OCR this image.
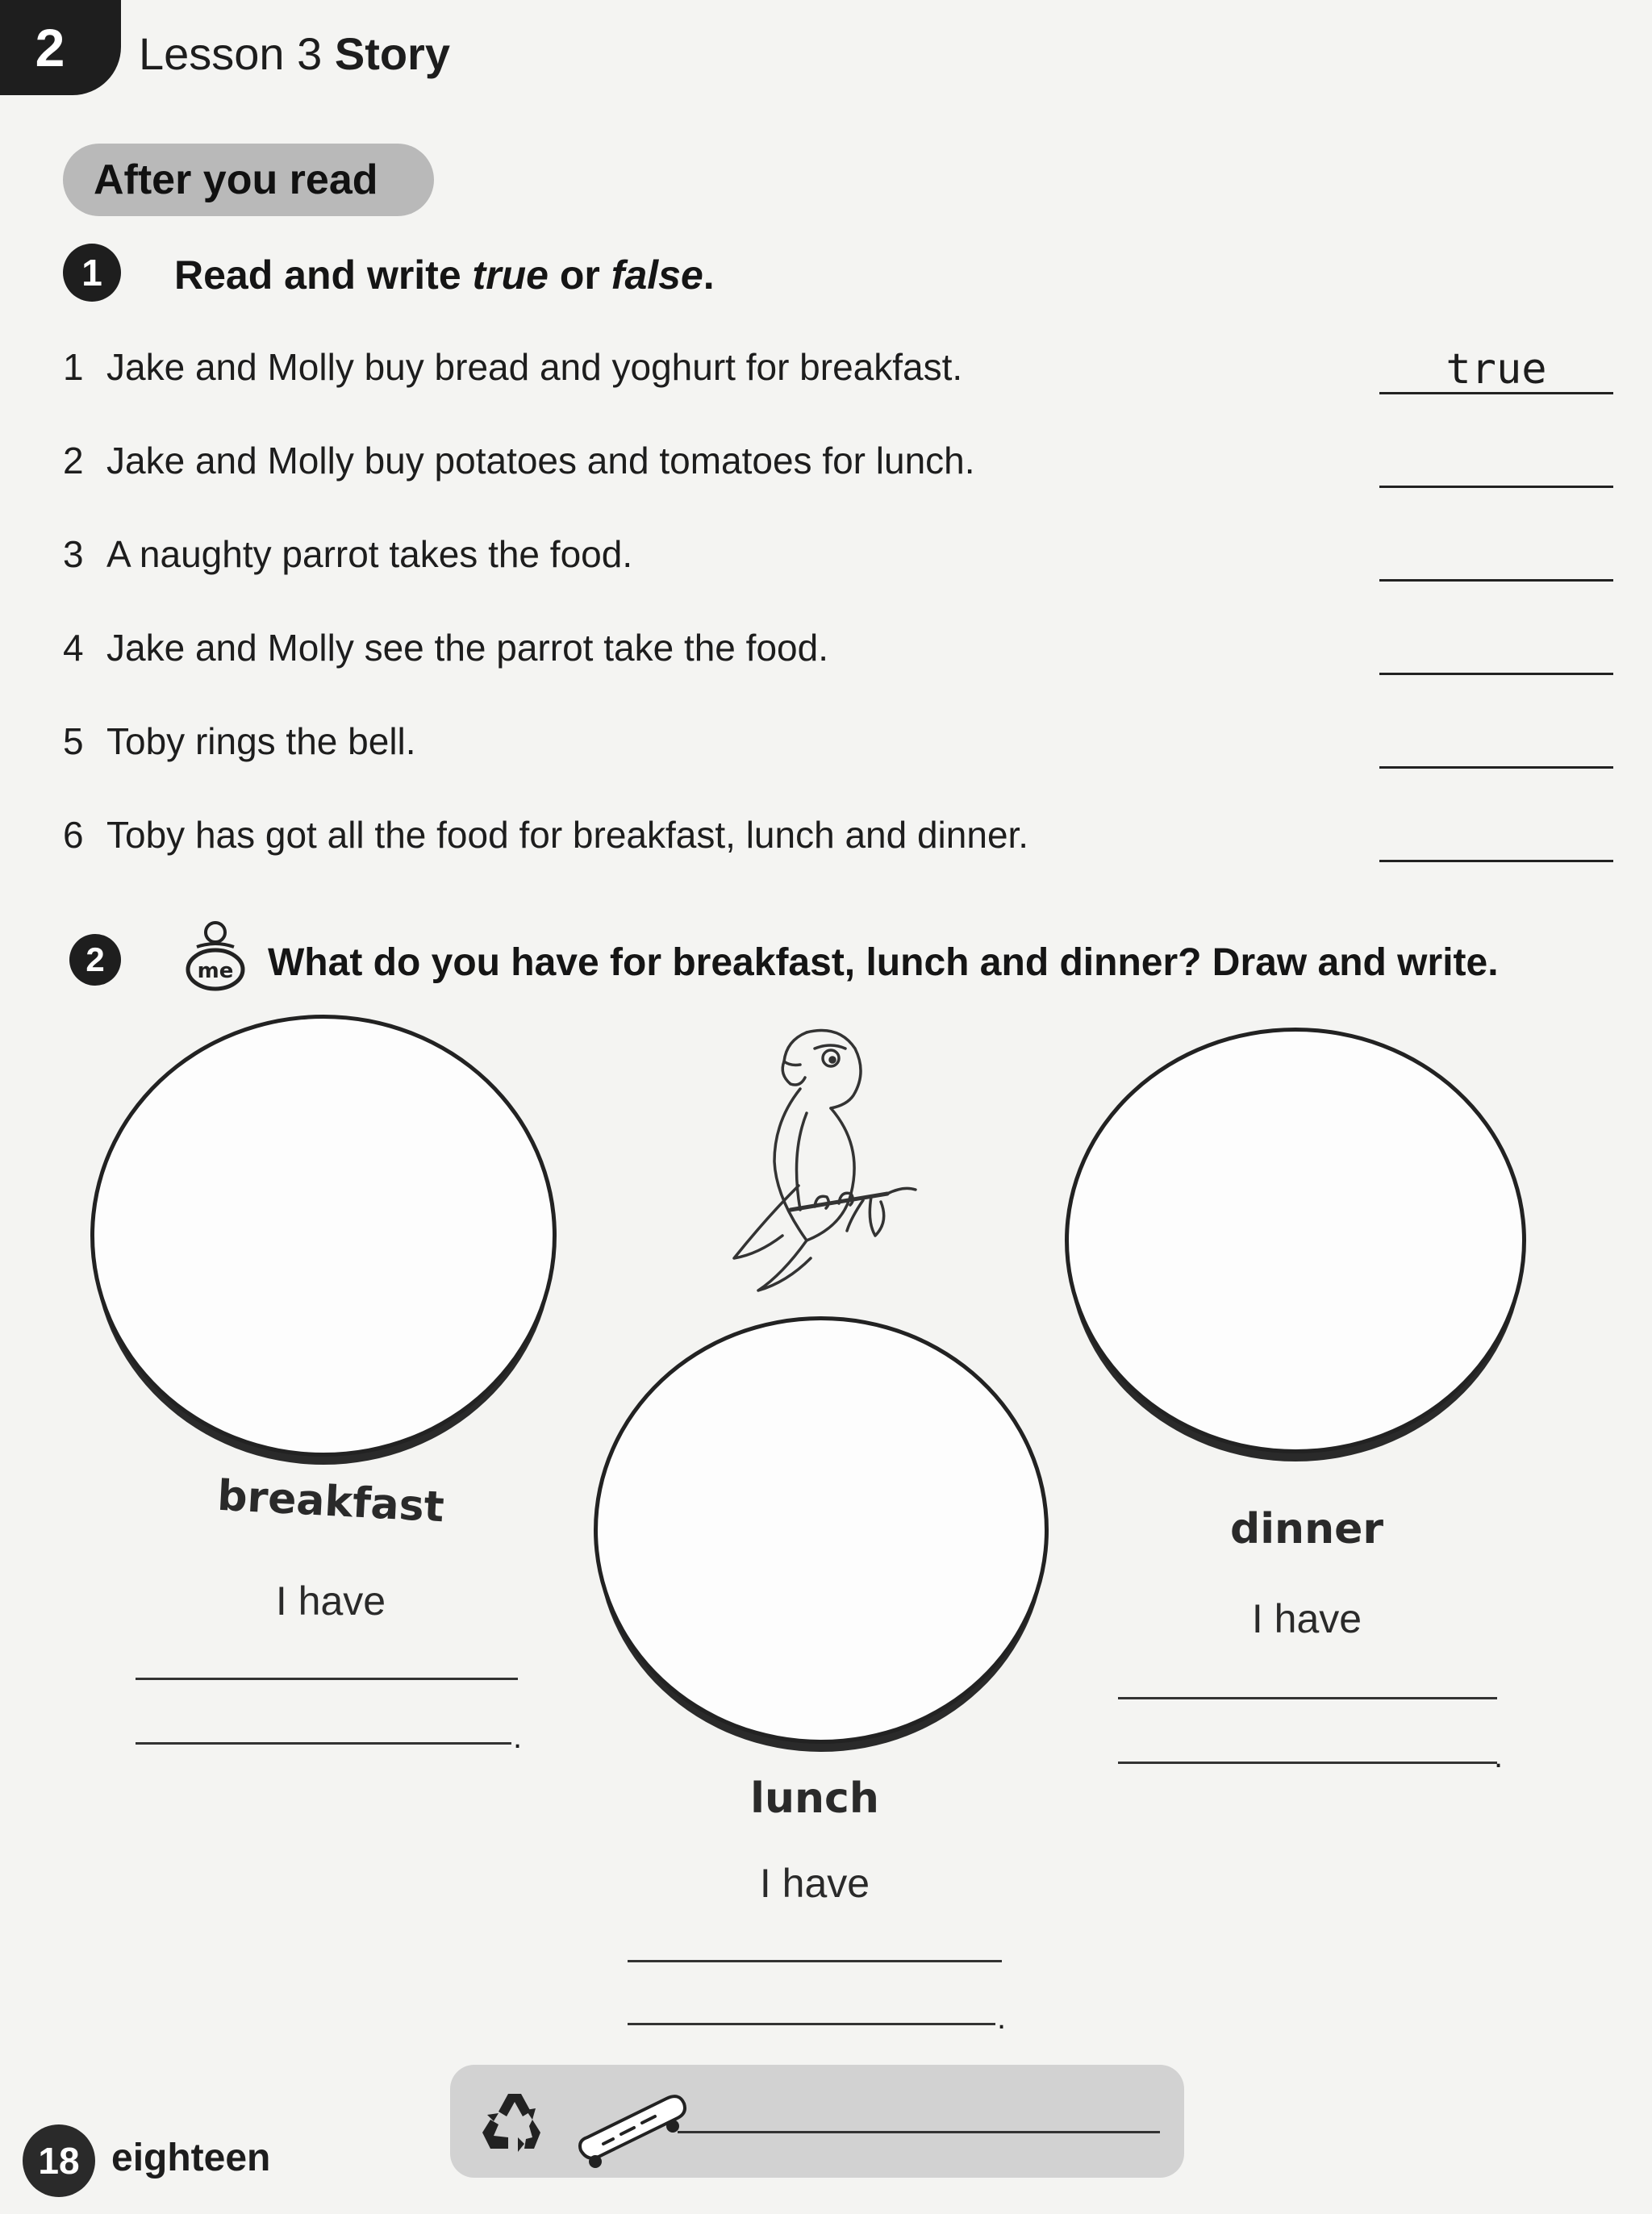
2 Lesson 3 Story
After you read
1 Read and write true or false.
1 Jake and Molly buy bread and yoghurt for breakfast.	true
2 Jake and Molly buy potatoes and tomatoes for lunch.
3 A naughty parrot takes the food.
4 Jake and Molly see the parrot take the food.
5 Toby rings the bell.
6 Toby has got all the food for breakfast, lunch and dinner.
2	me What do you have for breakfast, lunch and dinner? Draw and write.
breakfast
I have
.
lunch
I have
.
dinner
I have
.
18 eighteen
